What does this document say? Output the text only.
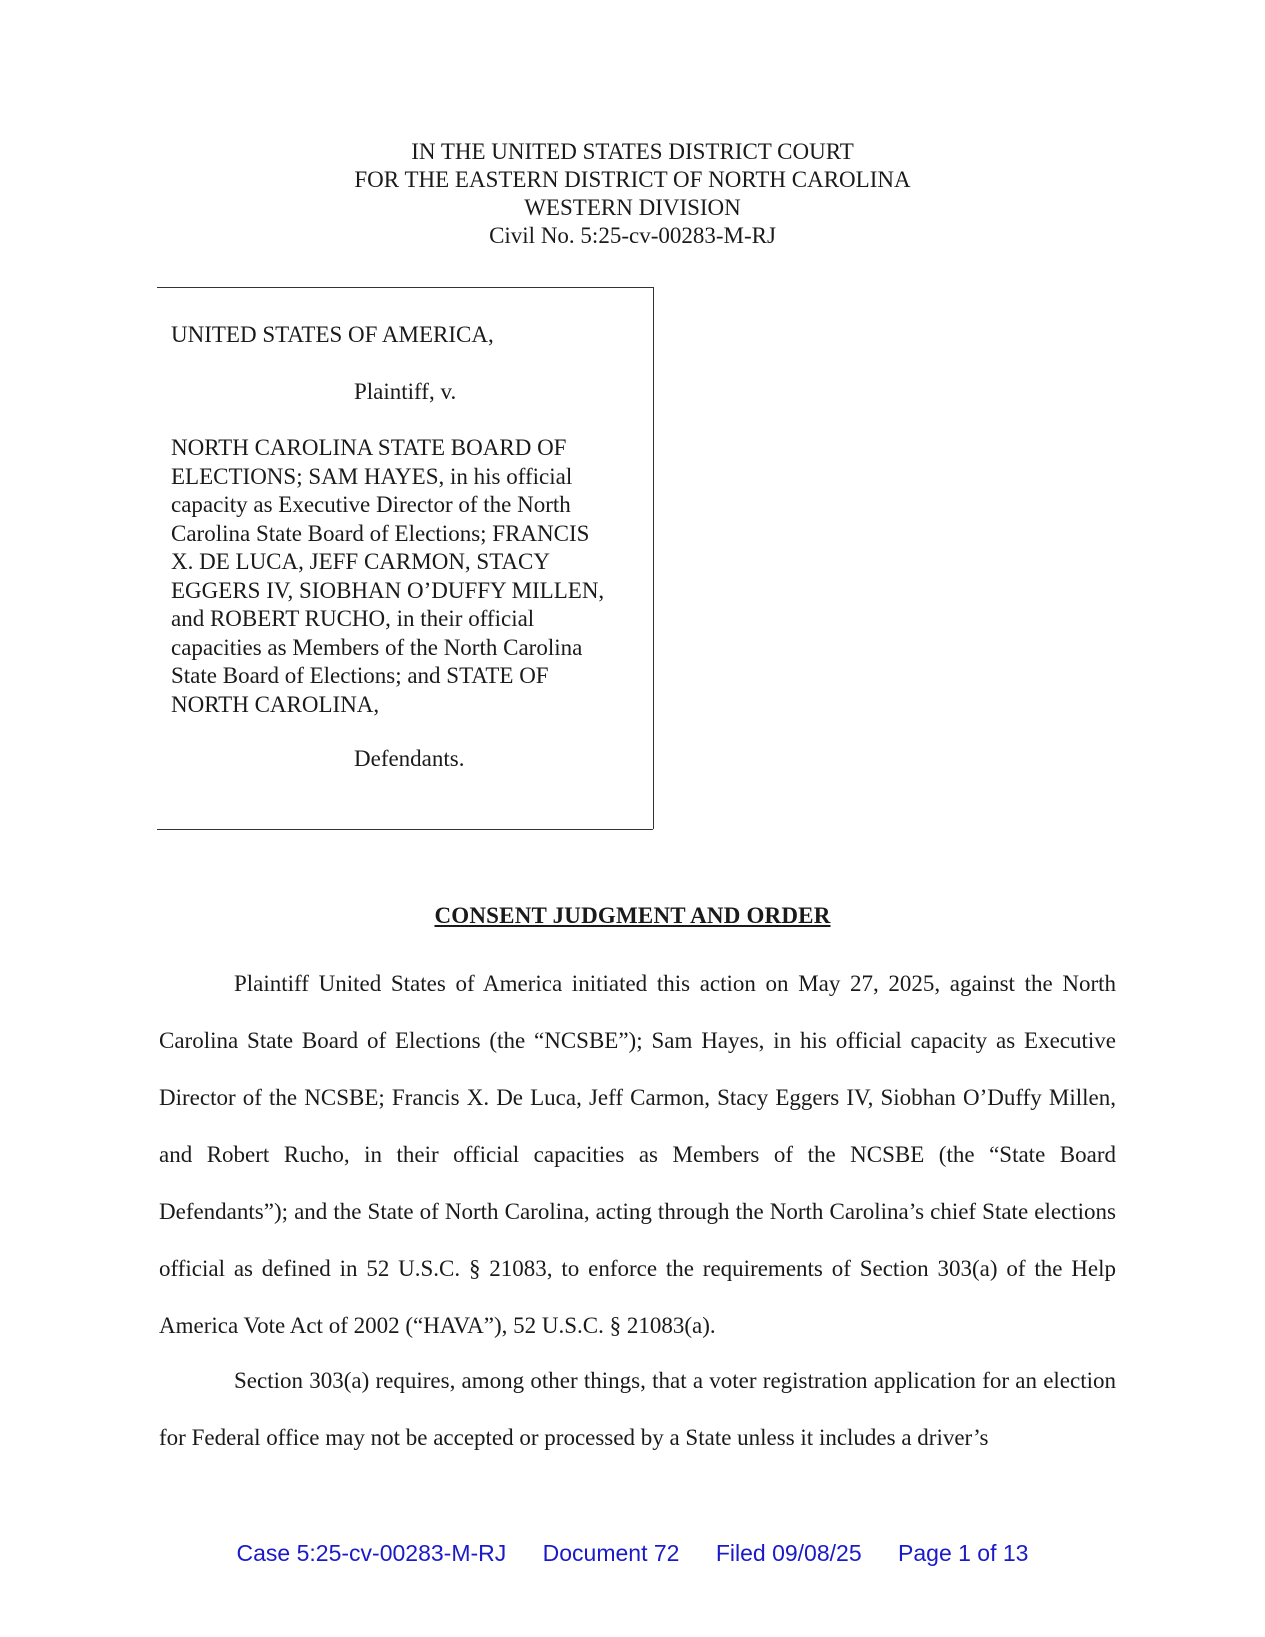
IN THE UNITED STATES DISTRICT COURT
FOR THE EASTERN DISTRICT OF NORTH CAROLINA
WESTERN DIVISION
Civil No. 5:25-cv-00283-M-RJ
UNITED STATES OF AMERICA,
Plaintiff, v.
NORTH CAROLINA STATE BOARD OF
ELECTIONS; SAM HAYES, in his official
capacity as Executive Director of the North
Carolina State Board of Elections; FRANCIS
X. DE LUCA, JEFF CARMON, STACY
EGGERS IV, SIOBHAN O’DUFFY MILLEN,
and ROBERT RUCHO, in their official
capacities as Members of the North Carolina
State Board of Elections; and STATE OF
NORTH CAROLINA,
Defendants.
CONSENT JUDGMENT AND ORDER
Plaintiff United States of America initiated this action on May 27, 2025, against the North Carolina State Board of Elections (the “NCSBE”); Sam Hayes, in his official capacity as Executive Director of the NCSBE; Francis X. De Luca, Jeff Carmon, Stacy Eggers IV, Siobhan O’Duffy Millen, and Robert Rucho, in their official capacities as Members of the NCSBE (the “State Board Defendants”); and the State of North Carolina, acting through the North Carolina’s chief State elections official as defined in 52 U.S.C. § 21083, to enforce the requirements of Section 303(a) of the Help America Vote Act of 2002 (“HAVA”), 52 U.S.C. § 21083(a).
Section 303(a) requires, among other things, that a voter registration application for an election for Federal office may not be accepted or processed by a State unless it includes a driver’s
Case 5:25-cv-00283-M-RJ Document 72 Filed 09/08/25 Page 1 of 13
